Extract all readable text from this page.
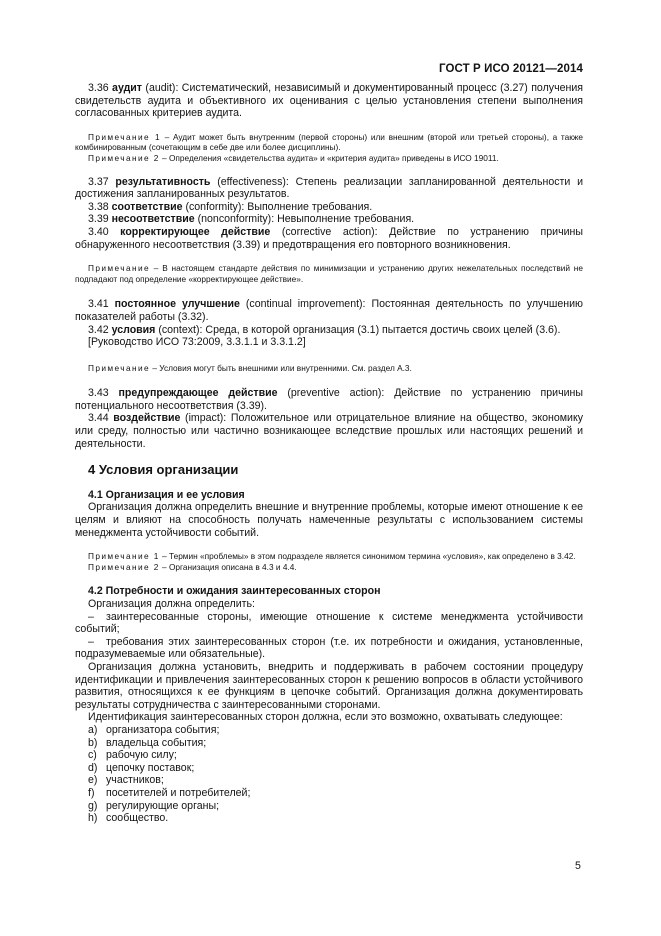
ГОСТ Р ИСО 20121—2014

3.36 аудит (audit): Систематический, независимый и документированный процесс (3.27) получения свидетельств аудита и объективного их оценивания с целью установления степени выполнения согласованных критериев аудита.

Примечание 1 – Аудит может быть внутренним (первой стороны) или внешним (второй или третьей стороны), а также комбинированным (сочетающим в себе две или более дисциплины).

Примечание 2 – Определения «свидетельства аудита» и «критерия аудита» приведены в ИСО 19011.

3.37 результативность (effectiveness): Степень реализации запланированной деятельности и достижения запланированных результатов.

3.38 соответствие (conformity): Выполнение требования.

3.39 несоответствие (nonconformity): Невыполнение требования.

3.40 корректирующее действие (corrective action): Действие по устранению причины обнаруженного несоответствия (3.39) и предотвращения его повторного возникновения.

Примечание – В настоящем стандарте действия по минимизации и устранению других нежелательных последствий не подпадают под определение «корректирующее действие».

3.41 постоянное улучшение (continual improvement): Постоянная деятельность по улучшению показателей работы (3.32).

3.42 условия (context): Среда, в которой организация (3.1) пытается достичь своих целей (3.6).

[Руководство ИСО 73:2009, 3.3.1.1 и 3.3.1.2]

Примечание – Условия могут быть внешними или внутренними. См. раздел А.3.

3.43 предупреждающее действие (preventive action): Действие по устранению причины потенциального несоответствия (3.39).

3.44 воздействие (impact): Положительное или отрицательное влияние на общество, экономику или среду, полностью или частично возникающее вследствие прошлых или настоящих решений и деятельности.

4 Условия организации
4.1 Организация и ее условия

Организация должна определить внешние и внутренние проблемы, которые имеют отношение к ее целям и влияют на способность получать намеченные результаты с использованием системы менеджмента устойчивости событий.

Примечание 1 – Термин «проблемы» в этом подразделе является синонимом термина «условия», как определено в 3.42.

Примечание 2 – Организация описана в 4.3 и 4.4.

4.2 Потребности и ожидания заинтересованных сторон

Организация должна определить:

– заинтересованные стороны, имеющие отношение к системе менеджмента устойчивости событий;

– требования этих заинтересованных сторон (т.е. их потребности и ожидания, установленные, подразумеваемые или обязательные).

Организация должна установить, внедрить и поддерживать в рабочем состоянии процедуру идентификации и привлечения заинтересованных сторон к решению вопросов в области устойчивого развития, относящихся к ее функциям в цепочке событий. Организация должна документировать результаты сотрудничества с заинтересованными сторонами.

Идентификация заинтересованных сторон должна, если это возможно, охватывать следующее:

a) организатора события;

b) владельца события;

c) рабочую силу;

d) цепочку поставок;

e) участников;

f) посетителей и потребителей;

g) регулирующие органы;

h) сообщество.

5
